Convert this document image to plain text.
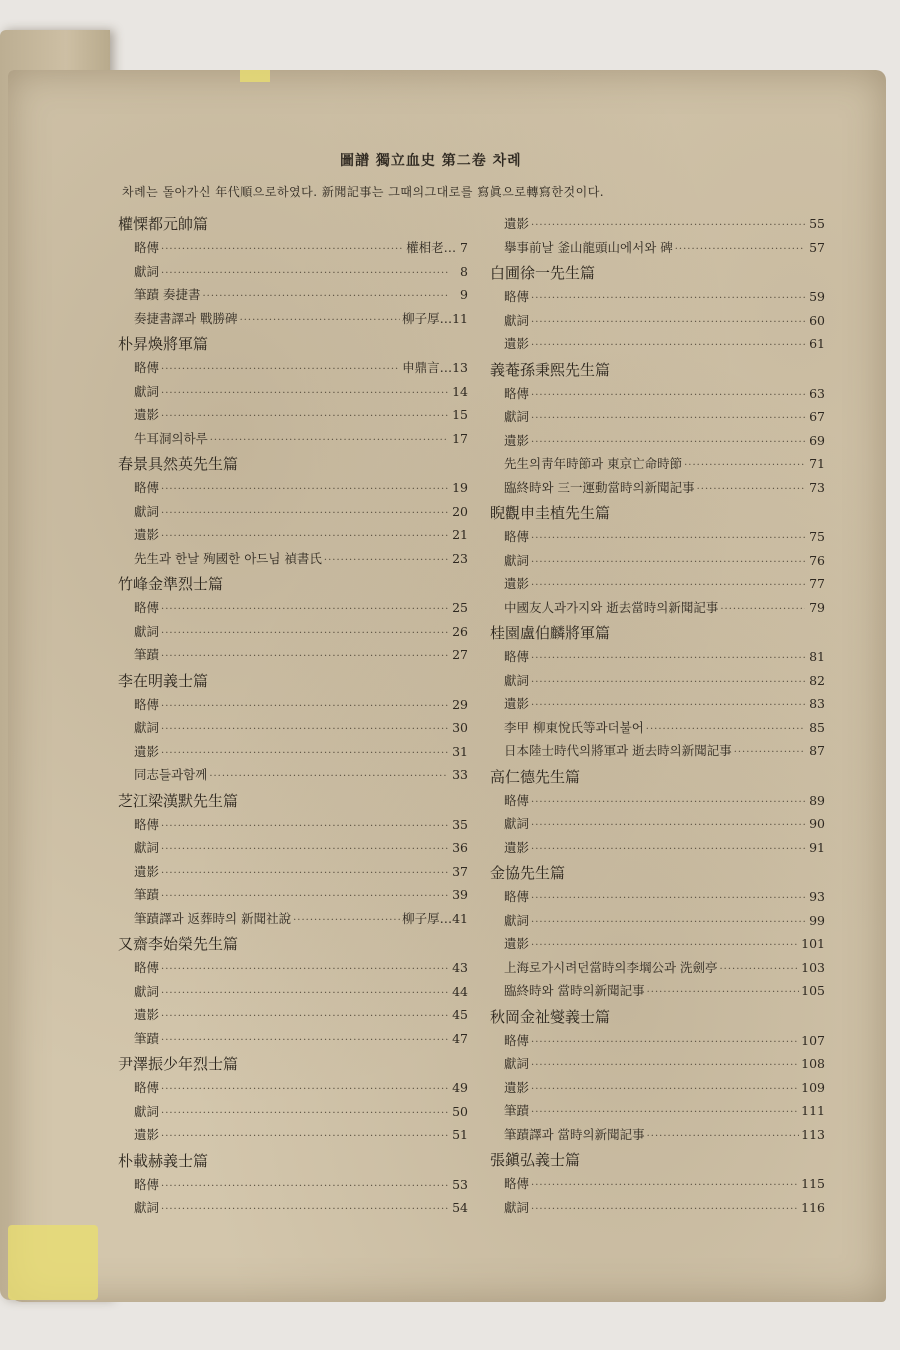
圖譜 獨立血史 第二卷 차례
차례는 돌아가신 年代順으로하였다. 新聞記事는 그때의그대로를 寫眞으로轉寫한것이다.
權慄都元帥篇
略傳 ·····	權相老… 7
獻詞 ·····	8
筆蹟 奏捷書 ·····	9
奏捷書譯과 戰勝碑 ·····	柳子厚…11
朴昇煥將軍篇
略傳 ·····	申鼎言…13
獻詞 ·····	14
遺影 ·····	15
牛耳洞의하루 ·····	17
春景具然英先生篇
略傳 ·····	19
獻詞 ·····	20
遺影 ·····	21
先生과 한날 殉國한 아드님 禎書氏 ·····	23
竹峰金準烈士篇
略傳 ·····	25
獻詞 ·····	26
筆蹟 ·····	27
李在明義士篇
略傳 ·····	29
獻詞 ·····	30
遺影 ·····	31
同志들과함께 ·····	33
芝江梁漢默先生篇
略傳 ·····	35
獻詞 ·····	36
遺影 ·····	37
筆蹟 ·····	39
筆蹟譯과 返葬時의 新聞社說 ·····	柳子厚…41
又齋李始榮先生篇
略傳 ·····	43
獻詞 ·····	44
遺影 ·····	45
筆蹟 ·····	47
尹澤振少年烈士篇
略傳 ·····	49
獻詞 ·····	50
遺影 ·····	51
朴載赫義士篇
略傳 ·····	53
獻詞 ·····	54
遺影 ·····	55
擧事前날 釜山龍頭山에서와 碑 ·····	57
白圃徐一先生篇
略傳 ·····	59
獻詞 ·····	60
遺影 ·····	61
義菴孫秉熙先生篇
略傳 ·····	63
獻詞 ·····	67
遺影 ·····	69
先生의靑年時節과 東京亡命時節 ·····	71
臨終時와 三一運動當時의新聞記事 ·····	73
睨觀申圭植先生篇
略傳 ·····	75
獻詞 ·····	76
遺影 ·····	77
中國友人과가지와 逝去當時의新聞記事 ·····	79
桂園盧伯麟將軍篇
略傳 ·····	81
獻詞 ·····	82
遺影 ·····	83
李甲 柳東悅氏等과더불어 ·····	85
日本陸士時代의將軍과 逝去時의新聞記事 ·····	87
高仁德先生篇
略傳 ·····	89
獻詞 ·····	90
遺影 ·····	91
金協先生篇
略傳 ·····	93
獻詞 ·····	99
遺影 ·····	101
上海로가시려던當時의李堈公과 洗劍亭 ·····	103
臨終時와 當時의新聞記事 ·····	105
秋岡金祉燮義士篇
略傳 ·····	107
獻詞 ·····	108
遺影 ·····	109
筆蹟 ·····	111
筆蹟譯과 當時의新聞記事 ·····	113
張鎭弘義士篇
略傳 ·····	115
獻詞 ·····	116
